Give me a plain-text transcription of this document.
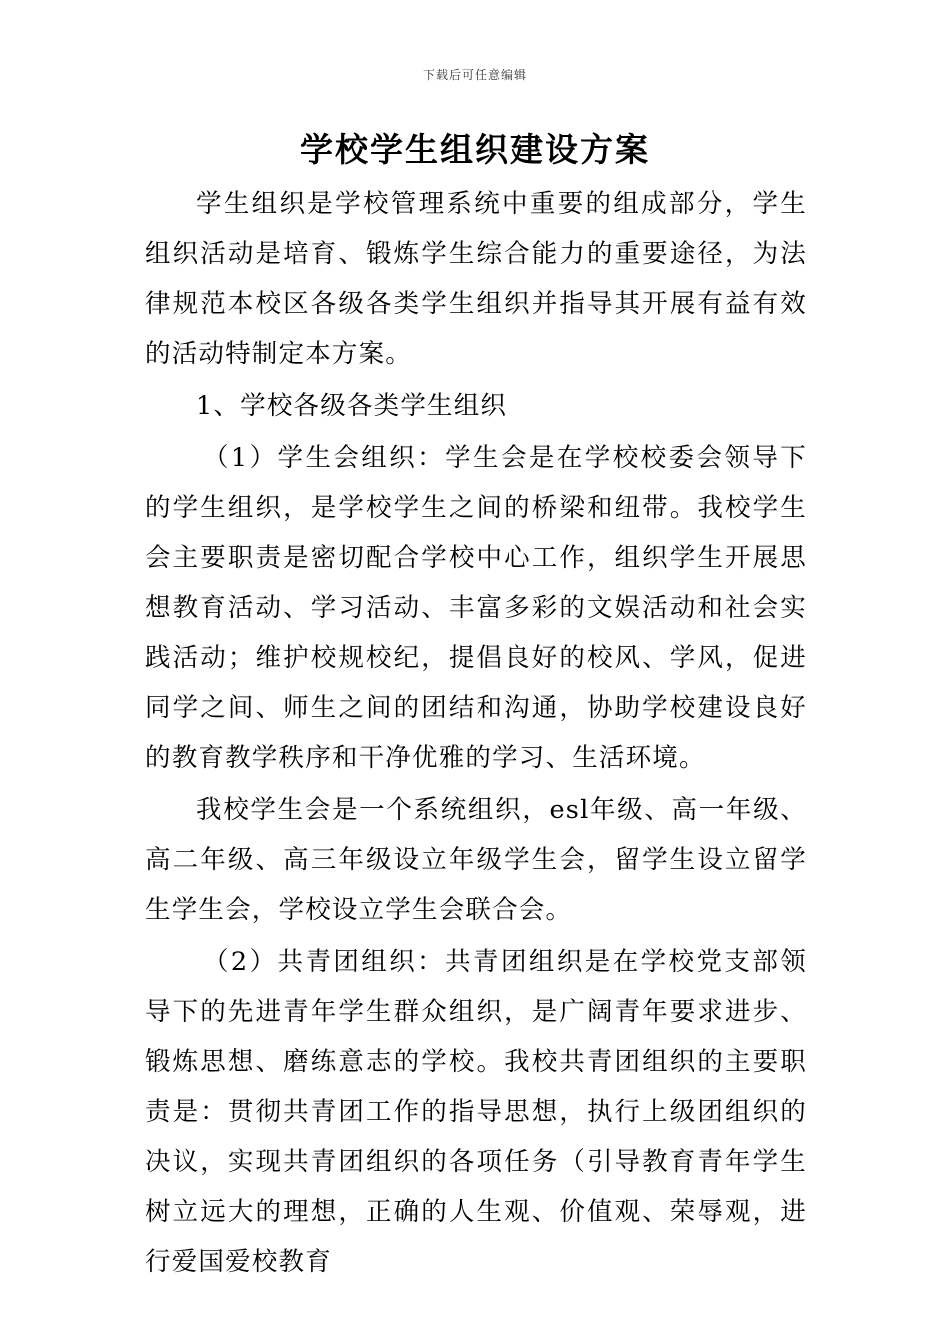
下载后可任意编辑
学校学生组织建设方案

学生组织是学校管理系统中重要的组成部分，学生组织活动是培育、锻炼学生综合能力的重要途径，为法律规范本校区各级各类学生组织并指导其开展有益有效的活动特制定本方案。

1、学校各级各类学生组织

（1）学生会组织：学生会是在学校校委会领导下的学生组织，是学校学生之间的桥梁和纽带。我校学生会主要职责是密切配合学校中心工作，组织学生开展思想教育活动、学习活动、丰富多彩的文娱活动和社会实践活动；维护校规校纪，提倡良好的校风、学风，促进同学之间、师生之间的团结和沟通，协助学校建设良好的教育教学秩序和干净优雅的学习、生活环境。

我校学生会是一个系统组织，esl年级、高一年级、高二年级、高三年级设立年级学生会，留学生设立留学生学生会，学校设立学生会联合会。

（2）共青团组织：共青团组织是在学校党支部领导下的先进青年学生群众组织，是广阔青年要求进步、锻炼思想、磨练意志的学校。我校共青团组织的主要职责是：贯彻共青团工作的指导思想，执行上级团组织的决议，实现共青团组织的各项任务（引导教育青年学生树立远大的理想，正确的人生观、价值观、荣辱观，进行爱国爱校教育
